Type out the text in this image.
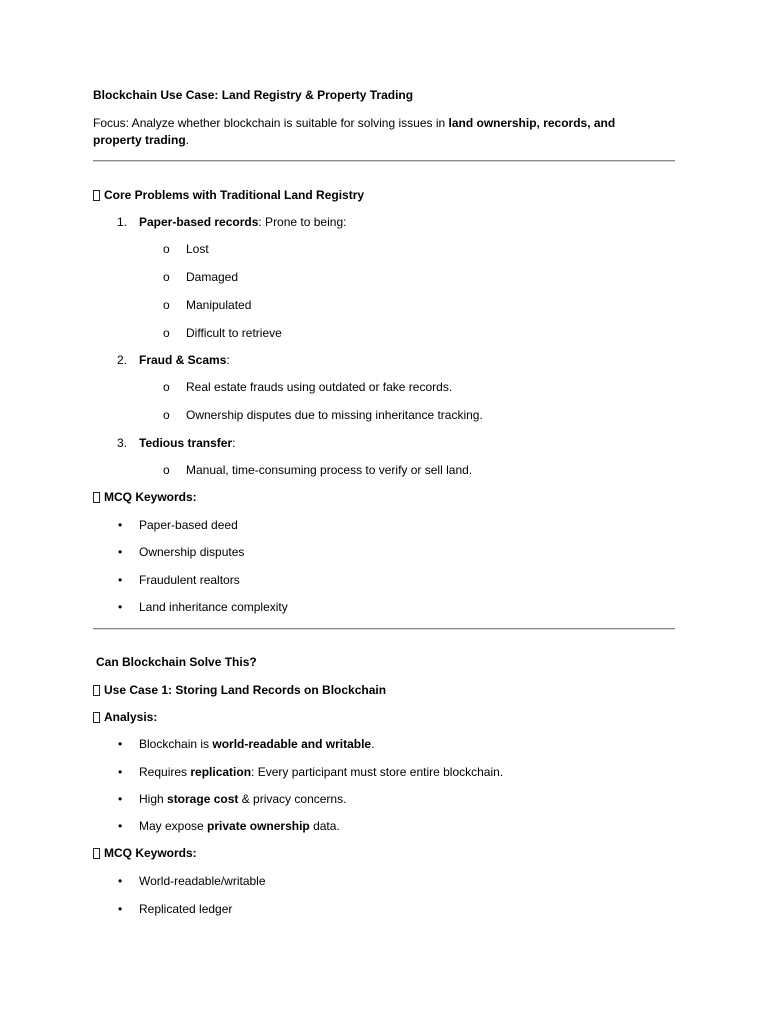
Blockchain Use Case: Land Registry & Property Trading
Focus: Analyze whether blockchain is suitable for solving issues in land ownership, records, and
property trading.
Core Problems with Traditional Land Registry
1. Paper-based records: Prone to being:
o Lost
o Damaged
o Manipulated
o Difficult to retrieve
2. Fraud & Scams:
o Real estate frauds using outdated or fake records.
o Ownership disputes due to missing inheritance tracking.
3. Tedious transfer:
o Manual, time-consuming process to verify or sell land.
MCQ Keywords:
• Paper-based deed
• Ownership disputes
• Fraudulent realtors
• Land inheritance complexity
Can Blockchain Solve This?
Use Case 1: Storing Land Records on Blockchain
Analysis:
• Blockchain is world-readable and writable.
• Requires replication: Every participant must store entire blockchain.
• High storage cost & privacy concerns.
• May expose private ownership data.
MCQ Keywords:
• World-readable/writable
• Replicated ledger
